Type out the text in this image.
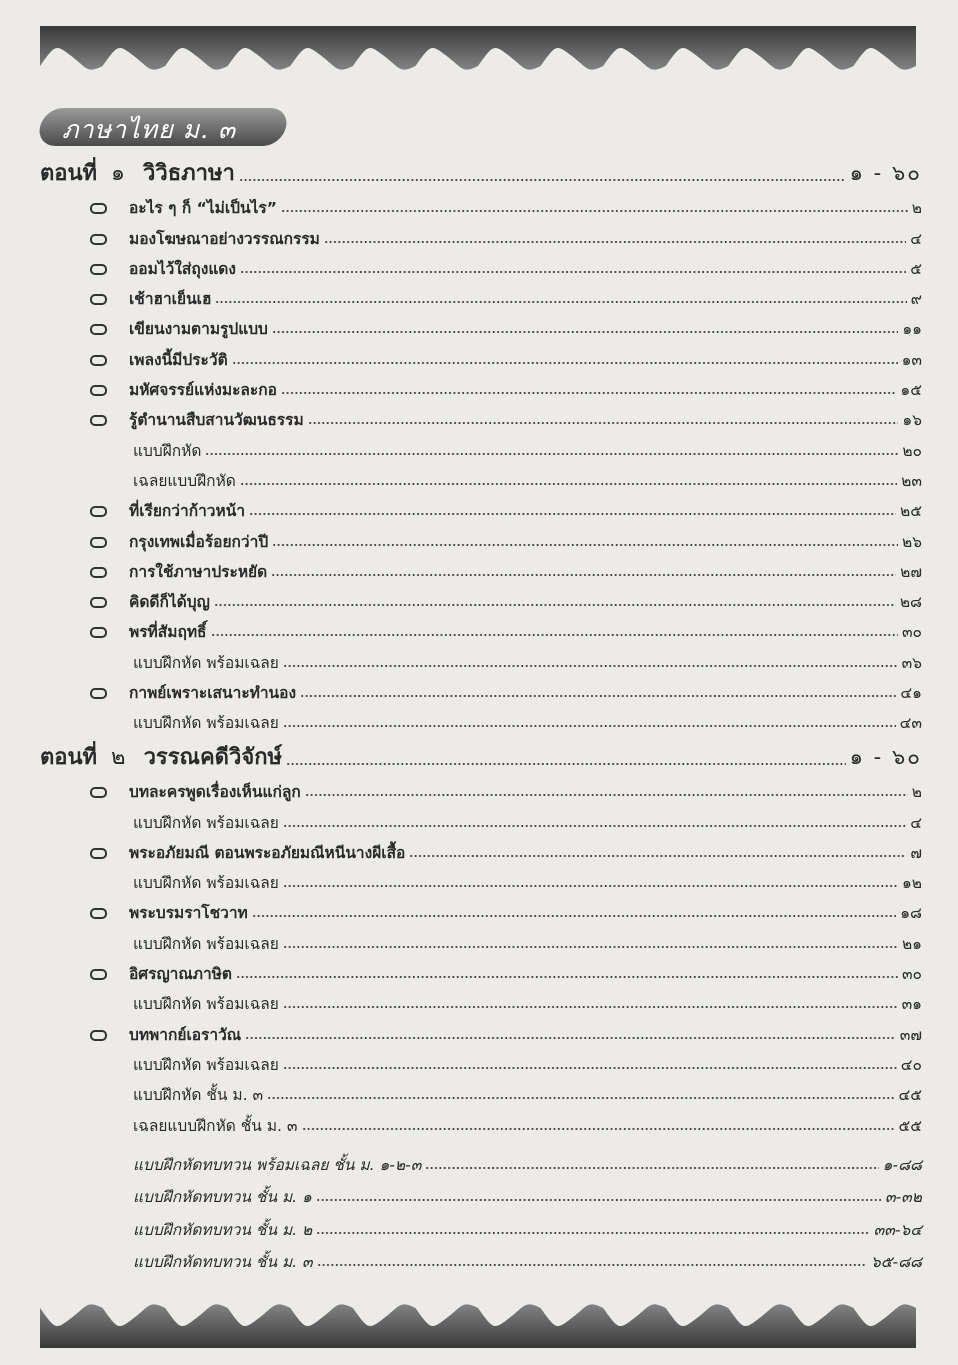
ภาษาไทย ม. ๓
ตอนที่ ๑ วิวิธภาษา	๑ - ๖๐
อะไร ๆ ก็ “ไม่เป็นไร”	๒
มองโฆษณาอย่างวรรณกรรม	๔
ออมไว้ใส่ถุงแดง	๕
เช้าฮาเย็นเฮ	๙
เขียนงามตามรูปแบบ	๑๑
เพลงนี้มีประวัติ	๑๓
มหัศจรรย์แห่งมะละกอ	๑๕
รู้ตำนานสืบสานวัฒนธรรม	๑๖
แบบฝึกหัด	๒๐
เฉลยแบบฝึกหัด	๒๓
ที่เรียกว่าก้าวหน้า	๒๕
กรุงเทพเมื่อร้อยกว่าปี	๒๖
การใช้ภาษาประหยัด	๒๗
คิดดีก็ได้บุญ	๒๘
พรที่สัมฤทธิ์	๓๐
แบบฝึกหัด พร้อมเฉลย	๓๖
กาพย์เพราะเสนาะทำนอง	๔๑
แบบฝึกหัด พร้อมเฉลย	๔๓
ตอนที่ ๒ วรรณคดีวิจักษ์	๑ - ๖๐
บทละครพูดเรื่องเห็นแก่ลูก	๒
แบบฝึกหัด พร้อมเฉลย	๔
พระอภัยมณี ตอนพระอภัยมณีหนีนางผีเสื้อ	๗
แบบฝึกหัด พร้อมเฉลย	๑๒
พระบรมราโชวาท	๑๘
แบบฝึกหัด พร้อมเฉลย	๒๑
อิศรญาณภาษิต	๓๐
แบบฝึกหัด พร้อมเฉลย	๓๑
บทพากย์เอราวัณ	๓๗
แบบฝึกหัด พร้อมเฉลย	๔๐
แบบฝึกหัด ชั้น ม. ๓	๔๕
เฉลยแบบฝึกหัด ชั้น ม. ๓	๕๕
แบบฝึกหัดทบทวน พร้อมเฉลย ชั้น ม. ๑-๒-๓	๑-๘๘
แบบฝึกหัดทบทวน ชั้น ม. ๑	๓-๓๒
แบบฝึกหัดทบทวน ชั้น ม. ๒	๓๓-๖๔
แบบฝึกหัดทบทวน ชั้น ม. ๓	๖๕-๘๘
